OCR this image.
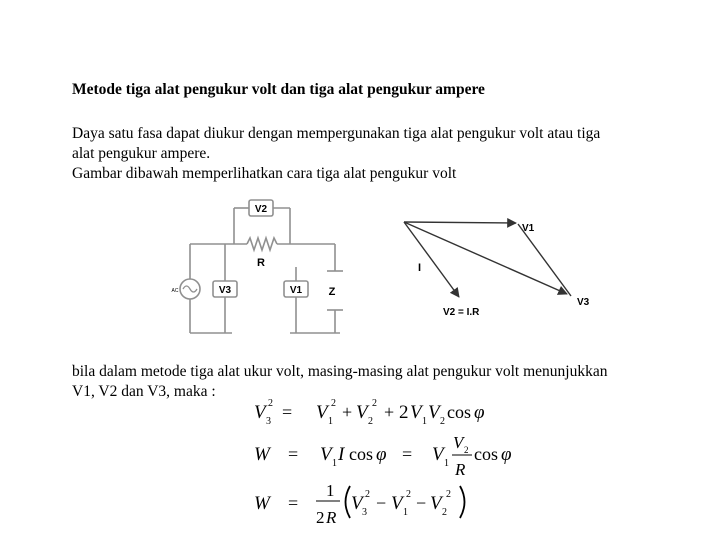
Metode tiga alat pengukur volt dan tiga alat pengukur ampere
Daya satu fasa dapat diukur dengan mempergunakan tiga alat pengukur volt atau tiga
alat pengukur ampere.
Gambar dibawah memperlihatkan cara tiga alat pengukur volt
V2
R
V3	V1 Z
AC
V1
I
V3
V2 = I.R
bila dalam metode tiga alat ukur volt, masing-masing alat pengukur volt menunjukkan
V1, V2 dan V3, maka :
V 3
2 = V 1
2 + V 2
2 + 2 V 1 V 2 cos φ
W = V 1 I cos φ = V 1
V 2
R
cos φ
W =
1
2 R
V 3
2 − V 1
2 − V 2
2
